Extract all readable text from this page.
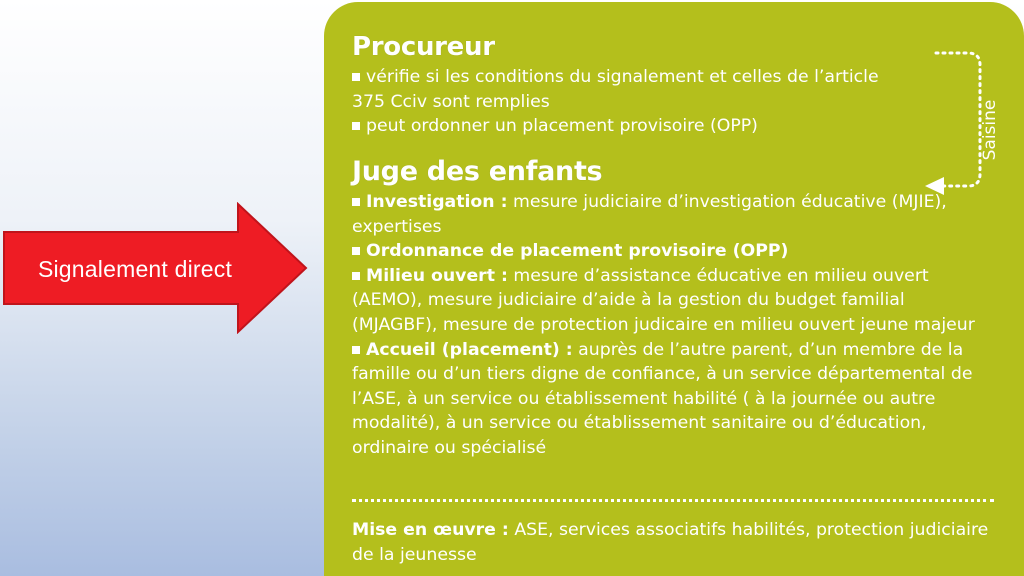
Signalement direct
Procureur
vérifie si les conditions du signalement et celles de l’article 375 Cciv sont remplies
peut ordonner un placement provisoire (OPP)	Saisine
Juge des enfants
Investigation : mesure judiciaire d’investigation éducative (MJIE), expertises
Ordonnance de placement provisoire (OPP)
Milieu ouvert : mesure d’assistance éducative en milieu ouvert (AEMO), mesure judiciaire d’aide à la gestion du budget familial (MJAGBF), mesure de protection judicaire en milieu ouvert jeune majeur
Accueil (placement) : auprès de l’autre parent, d’un membre de la famille ou d’un tiers digne de confiance, à un service départemental de l’ASE, à un service ou établissement habilité ( à la journée ou autre modalité), à un service ou établissement sanitaire ou d’éducation, ordinaire ou spécialisé
Mise en œuvre : ASE, services associatifs habilités, protection judiciaire de la jeunesse
